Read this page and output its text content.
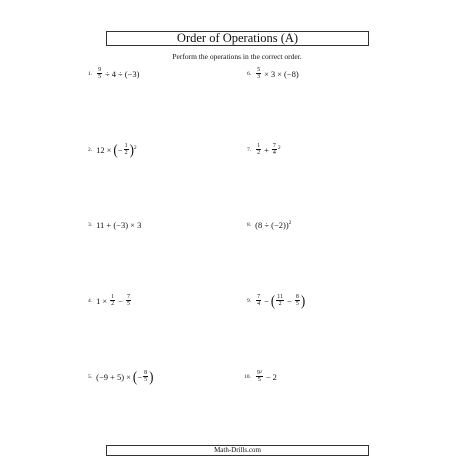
Order of Operations (A)
Perform the operations in the correct order.
1. $\frac{9}{5} \div 4 \div (-3)$
2. 12 × ( − $\frac{1}{2} )^2$
3. 11 + (−3) × 3
4. $1 \times \frac{1}{2} - \frac{7}{5}$
5. (−9 + 5) × ( − $\frac{8}{5}$ )
6. $\frac{5}{3} \times 3 \times (-8)$
7. $\frac{1}{2} + \frac{7}{4}^2$
8. $(8 \div (-2))^2$
9. $\frac{7}{4}$ − ( $\frac{11}{2} - \frac{8}{5}$ )
10. $\frac{9^2}{5} - 2$
Math-Drills.com
